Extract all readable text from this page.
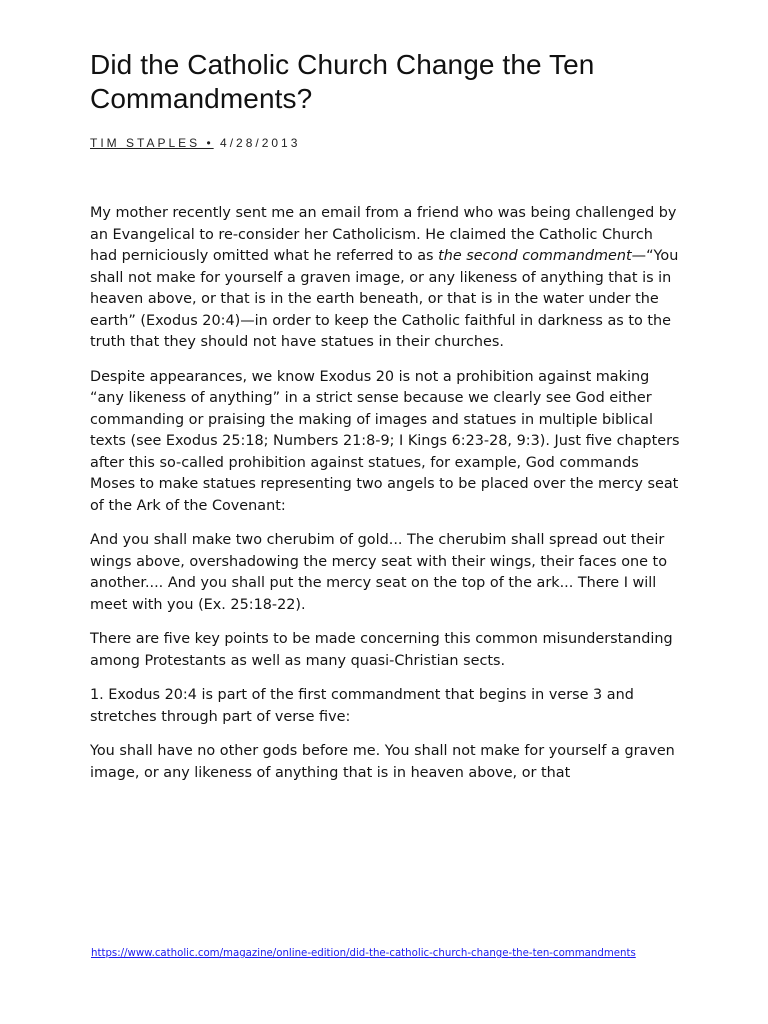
Did the Catholic Church Change the Ten Commandments?
TIM STAPLES • 4/28/2013

My mother recently sent me an email from a friend who was being challenged by an Evangelical to re-consider her Catholicism. He claimed the Catholic Church had perniciously omitted what he referred to as the second commandment—“You shall not make for yourself a graven image, or any likeness of anything that is in heaven above, or that is in the earth beneath, or that is in the water under the earth” (Exodus 20:4)—in order to keep the Catholic faithful in darkness as to the truth that they should not have statues in their churches.

Despite appearances, we know Exodus 20 is not a prohibition against making “any likeness of anything” in a strict sense because we clearly see God either commanding or praising the making of images and statues in multiple biblical texts (see Exodus 25:18; Numbers 21:8-9; I Kings 6:23-28, 9:3). Just five chapters after this so-called prohibition against statues, for example, God commands Moses to make statues representing two angels to be placed over the mercy seat of the Ark of the Covenant:

And you shall make two cherubim of gold... The cherubim shall spread out their wings above, overshadowing the mercy seat with their wings, their faces one to another.... And you shall put the mercy seat on the top of the ark... There I will meet with you (Ex. 25:18-22).

There are five key points to be made concerning this common misunderstanding among Protestants as well as many quasi-Christian sects.

1. Exodus 20:4 is part of the first commandment that begins in verse 3 and stretches through part of verse five:

You shall have no other gods before me. You shall not make for yourself a graven image, or any likeness of anything that is in heaven above, or that

https://www.catholic.com/magazine/online-edition/did-the-catholic-church-change-the-ten-commandments
